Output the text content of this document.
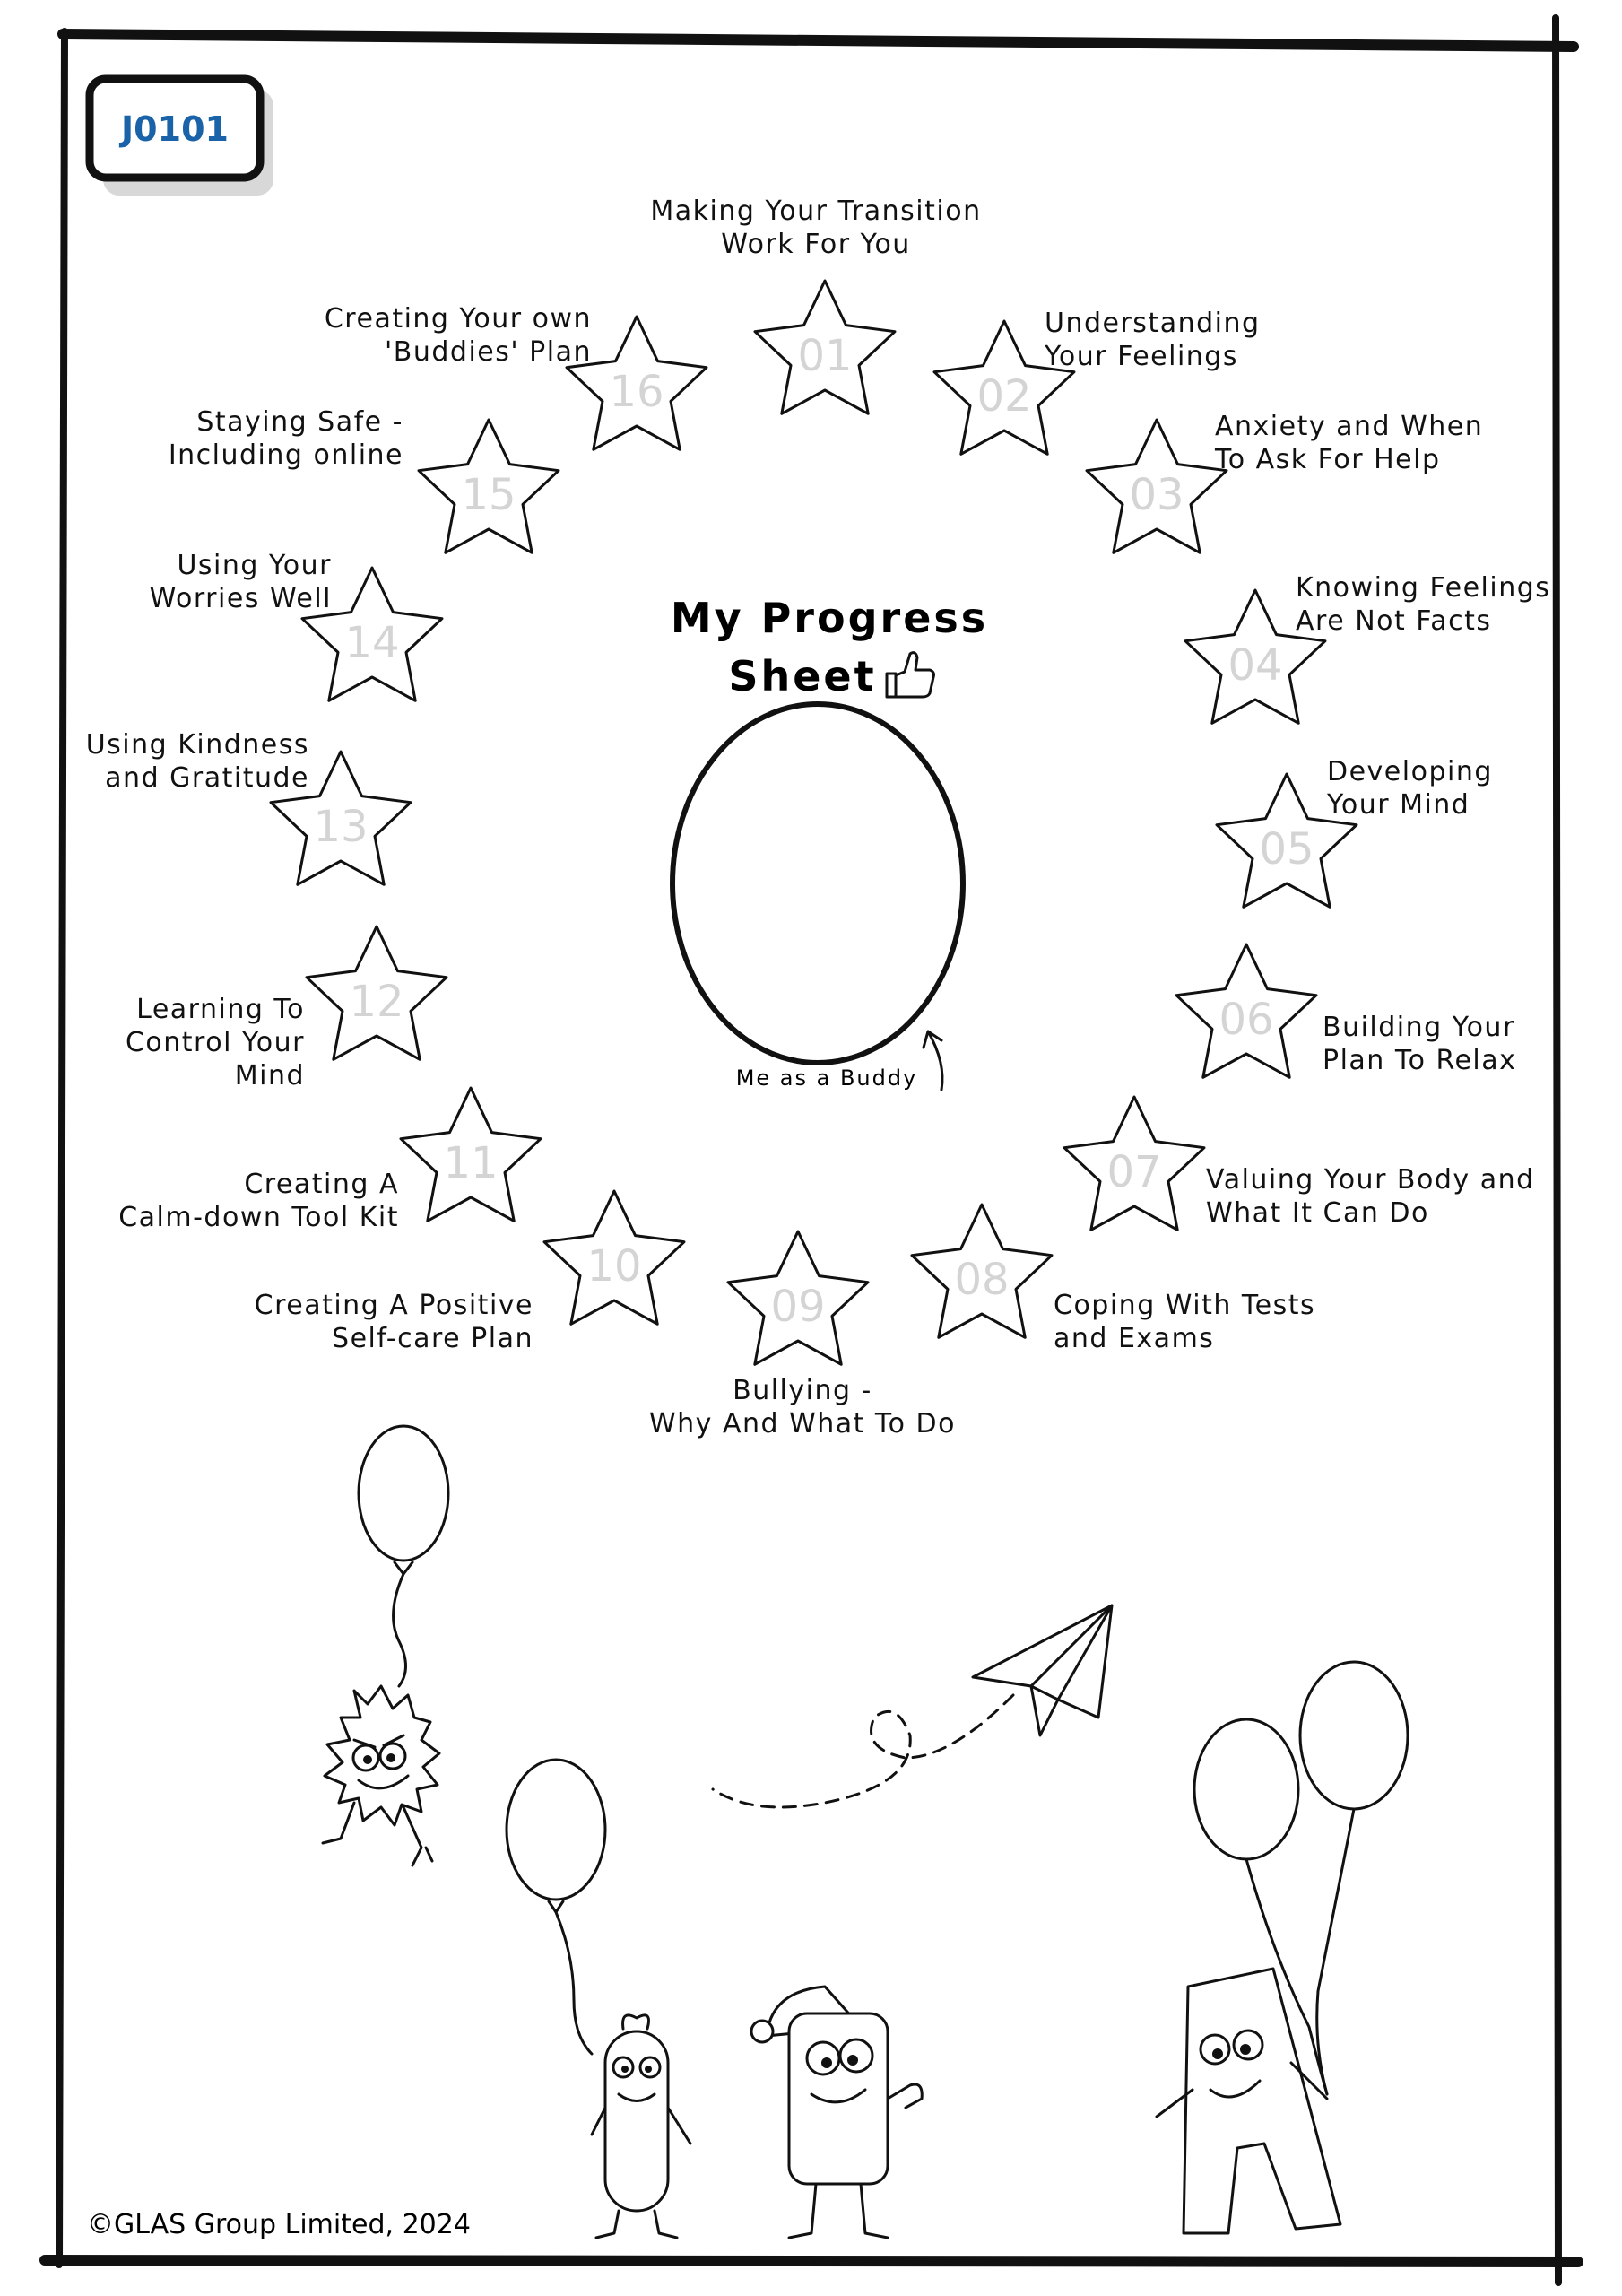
J0101
My Progress
Sheet
Me as a Buddy
01
Making Your Transition Work For You
02
Understanding Your Feelings
03
Anxiety and When To Ask For Help
04
Knowing Feelings Are Not Facts
05
Developing Your Mind
06 Building Your Plan To Relax
07 Valuing Your Body and What It Can Do
08
Coping With Tests and Exams
09
Bullying -Why And What To Do
10
Creating A Positive Self-care Plan
11
Creating A Calm-down Tool Kit
12
Learning To Control Your Mind
13
Using Kindness and Gratitude
14
Using Your Worries Well
15
Staying Safe -Including online
16
Creating Your own 'Buddies' Plan
©GLAS Group Limited, 2024
